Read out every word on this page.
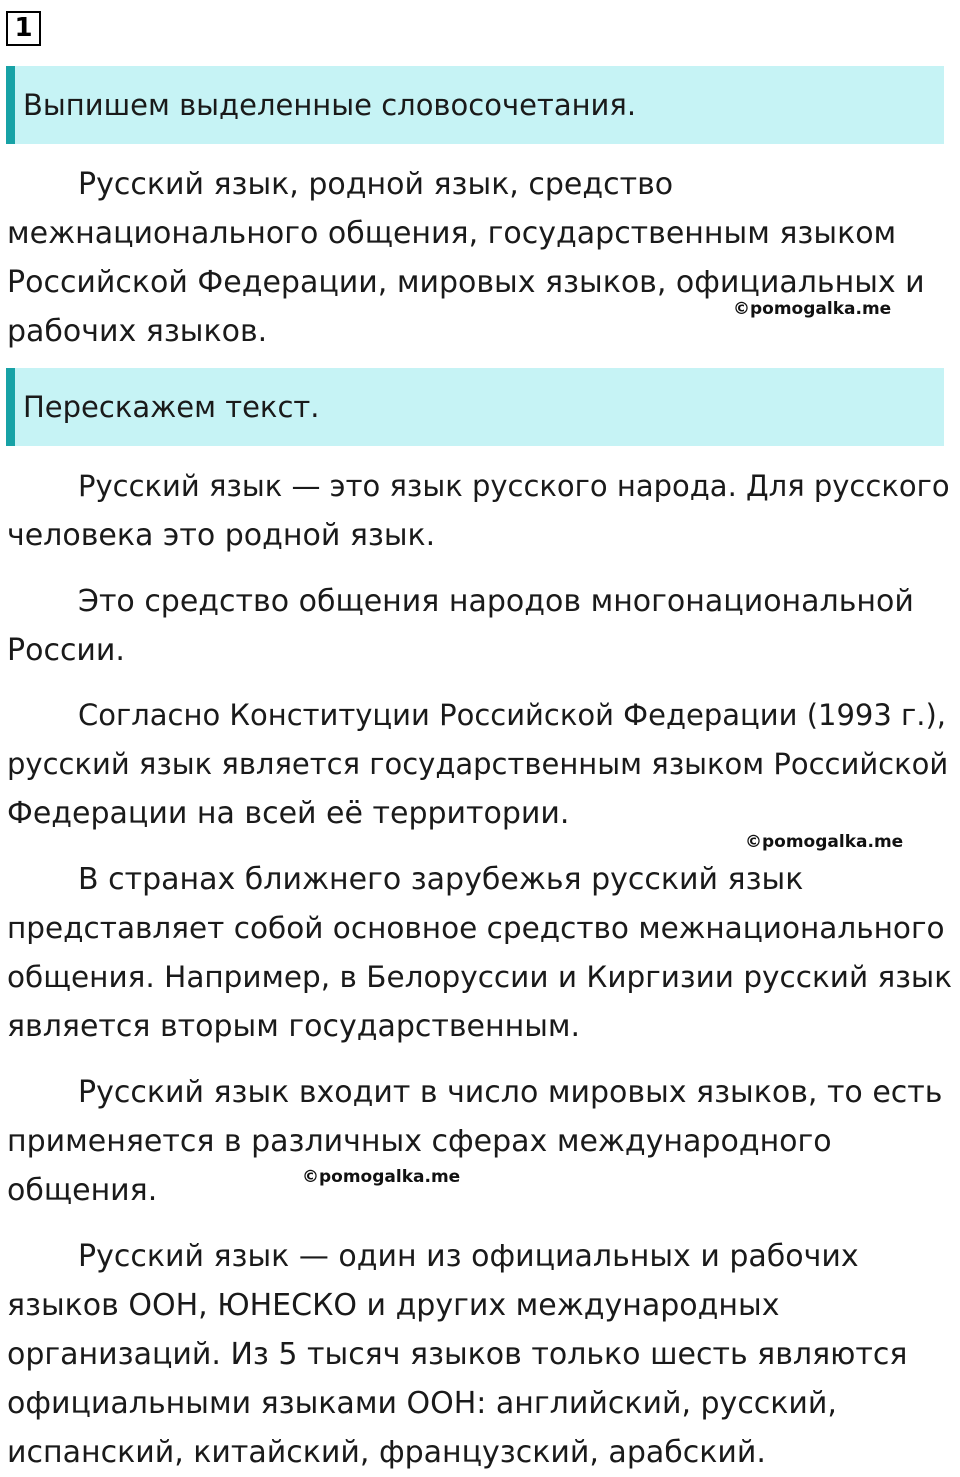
1
Выпишем выделенные словосочетания.
Русский язык, родной язык, средство
межнационального общения, государственным языком
Российской Федерации, мировых языков, официальных и
рабочих языков.
©pomogalka.me
Перескажем текст.
Русский язык — это язык русского народа. Для русского
человека это родной язык.
Это средство общения народов многонациональной
России.
Согласно Конституции Российской Федерации (1993 г.),
русский язык является государственным языком Российской
Федерации на всей её территории.
©pomogalka.me
В странах ближнего зарубежья русский язык
представляет собой основное средство межнационального
общения. Например, в Белоруссии и Киргизии русский язык
является вторым государственным.
Русский язык входит в число мировых языков, то есть
применяется в различных сферах международного
общения.	©pomogalka.me
Русский язык — один из официальных и рабочих
языков ООН, ЮНЕСКО и других международных
организаций. Из 5 тысяч языков только шесть являются
официальными языками ООН: английский, русский,
испанский, китайский, французский, арабский.
